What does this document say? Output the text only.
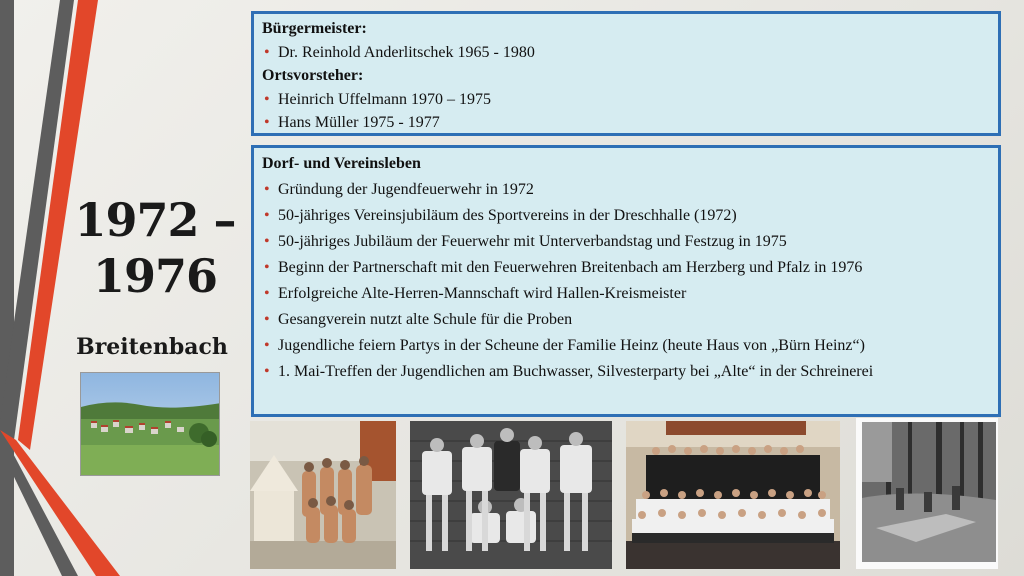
1972 –
1976
Breitenbach
Bürgermeister:
• Dr. Reinhold Anderlitschek 1965 - 1980
Ortsvorsteher:
• Heinrich Uffelmann 1970 – 1975
• Hans Müller 1975 - 1977
Dorf- und Vereinsleben
• Gründung der Jugendfeuerwehr in 1972
• 50-jähriges Vereinsjubiläum des Sportvereins in der Dreschhalle (1972)
• 50-jähriges Jubiläum der Feuerwehr mit Unterverbandstag und Festzug in 1975
• Beginn der Partnerschaft mit den Feuerwehren Breitenbach am Herzberg und Pfalz in 1976
• Erfolgreiche Alte-Herren-Mannschaft wird Hallen-Kreismeister
• Gesangverein nutzt alte Schule für die Proben
• Jugendliche feiern Partys in der Scheune der Familie Heinz (heute Haus von „Bürn Heinz“)
• 1. Mai-Treffen der Jugendlichen am Buchwasser, Silvesterparty bei „Alte“ in der Schreinerei
